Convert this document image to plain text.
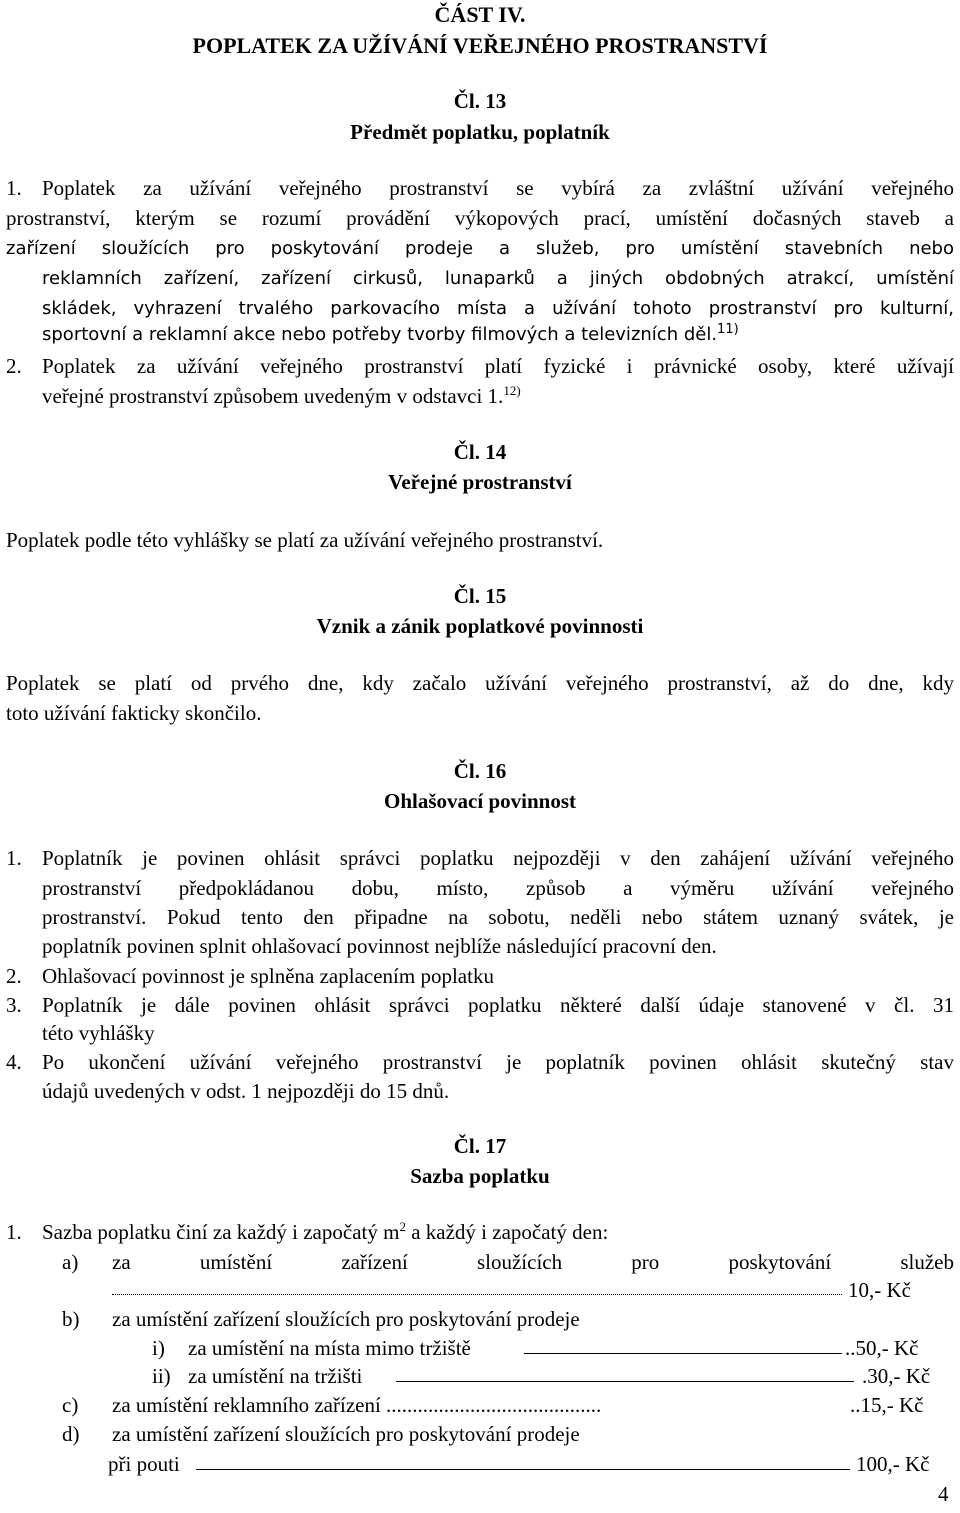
ČÁST IV.
POPLATEK ZA UŽÍVÁNÍ VEŘEJNÉHO PROSTRANSTVÍ
Čl. 13
Předmět poplatku, poplatník
1. Poplatek za užívání veřejného prostranství se vybírá za zvláštní užívání veřejného
prostranství, kterým se rozumí provádění výkopových prací, umístění dočasných staveb a
zařízení sloužících pro poskytování prodeje a služeb, pro umístění stavebních nebo
reklamních zařízení, zařízení cirkusů, lunaparků a jiných obdobných atrakcí, umístění
skládek, vyhrazení trvalého parkovacího místa a užívání tohoto prostranství pro kulturní,
sportovní a reklamní akce nebo potřeby tvorby filmových a televizních děl.$^{11)}$
2. Poplatek za užívání veřejného prostranství platí fyzické i právnické osoby, které užívají
veřejné prostranství způsobem uvedeným v odstavci 1.$^{12)}$
Čl. 14
Veřejné prostranství
Poplatek podle této vyhlášky se platí za užívání veřejného prostranství.
Čl. 15
Vznik a zánik poplatkové povinnosti
Poplatek se platí od prvého dne, kdy začalo užívání veřejného prostranství, až do dne, kdy
toto užívání fakticky skončilo.
Čl. 16
Ohlašovací povinnost
1. Poplatník je povinen ohlásit správci poplatku nejpozději v den zahájení užívání veřejného
prostranství předpokládanou dobu, místo, způsob a výměru užívání veřejného
prostranství. Pokud tento den připadne na sobotu, neděli nebo státem uznaný svátek, je
poplatník povinen splnit ohlašovací povinnost nejblíže následující pracovní den.
2. Ohlašovací povinnost je splněna zaplacením poplatku
3. Poplatník je dále povinen ohlásit správci poplatku některé další údaje stanovené v čl. 31
této vyhlášky
4. Po ukončení užívání veřejného prostranství je poplatník povinen ohlásit skutečný stav
údajů uvedených v odst. 1 nejpozději do 15 dnů.
Čl. 17
Sazba poplatku
1. Sazba poplatku činí za každý i započatý $m^2$ a každý i započatý den:
a) za umístění zařízení sloužících pro poskytování služeb
10,- Kč
b) za umístění zařízení sloužících pro poskytování prodeje
i) za umístění na místa mimo tržiště	..50,- Kč
ii) za umístění na tržišti	.30,- Kč
c) za umístění reklamního zařízení .........................................	..15,- Kč
d) za umístění zařízení sloužících pro poskytování prodeje
při pouti	100,- Kč
4
